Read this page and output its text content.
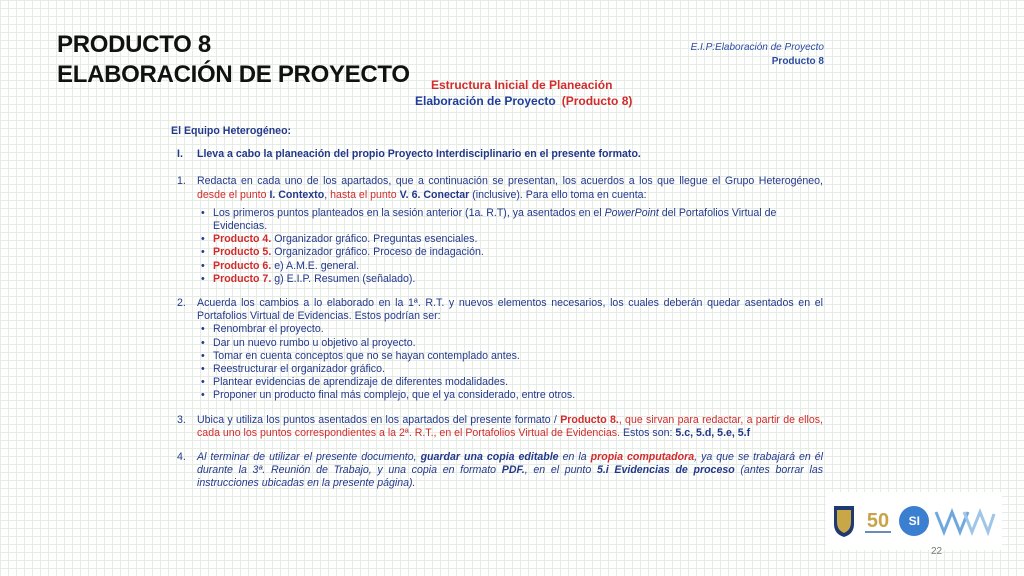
PRODUCTO 8
ELABORACIÓN DE PROYECTO
E.I.P:Elaboración de Proyecto
Producto 8
Estructura Inicial de Planeación
Elaboración de Proyecto (Producto 8)
El Equipo Heterogéneo:
I.	Lleva a cabo la planeación del propio Proyecto Interdisciplinario en el presente formato.
1.	Redacta en cada uno de los apartados, que a continuación se presentan, los acuerdos a los que llegue el Grupo Heterogéneo, desde el punto I. Contexto, hasta el punto V. 6. Conectar (inclusive). Para ello toma en cuenta:
• Los primeros puntos planteados en la sesión anterior (1a. R.T), ya asentados en el PowerPoint del Portafolios Virtual de Evidencias.
• Producto 4. Organizador gráfico. Preguntas esenciales.
• Producto 5. Organizador gráfico. Proceso de indagación.
• Producto 6. e) A.M.E. general.
• Producto 7. g) E.I.P. Resumen (señalado).
2.	Acuerda los cambios a lo elaborado en la 1ª. R.T. y nuevos elementos necesarios, los cuales deberán quedar asentados en el Portafolios Virtual de Evidencias. Estos podrían ser:
• Renombrar el proyecto.
• Dar un nuevo rumbo u objetivo al proyecto.
• Tomar en cuenta conceptos que no se hayan contemplado antes.
• Reestructurar el organizador gráfico.
• Plantear evidencias de aprendizaje de diferentes modalidades.
• Proponer un producto final más complejo, que el ya considerado, entre otros.
3.	Ubica y utiliza los puntos asentados en los apartados del presente formato / Producto 8., que sirvan para redactar, a partir de ellos, cada uno los puntos correspondientes a la 2ª. R.T., en el Portafolios Virtual de Evidencias. Estos son: 5.c, 5.d, 5.e, 5.f
4.	Al terminar de utilizar el presente documento, guardar una copia editable en la propia computadora, ya que se trabajará en él durante la 3ª. Reunión de Trabajo, y una copia en formato PDF., en el punto 5.i Evidencias de proceso (antes borrar las instrucciones ubicadas en la presente página).
50	SI
22
